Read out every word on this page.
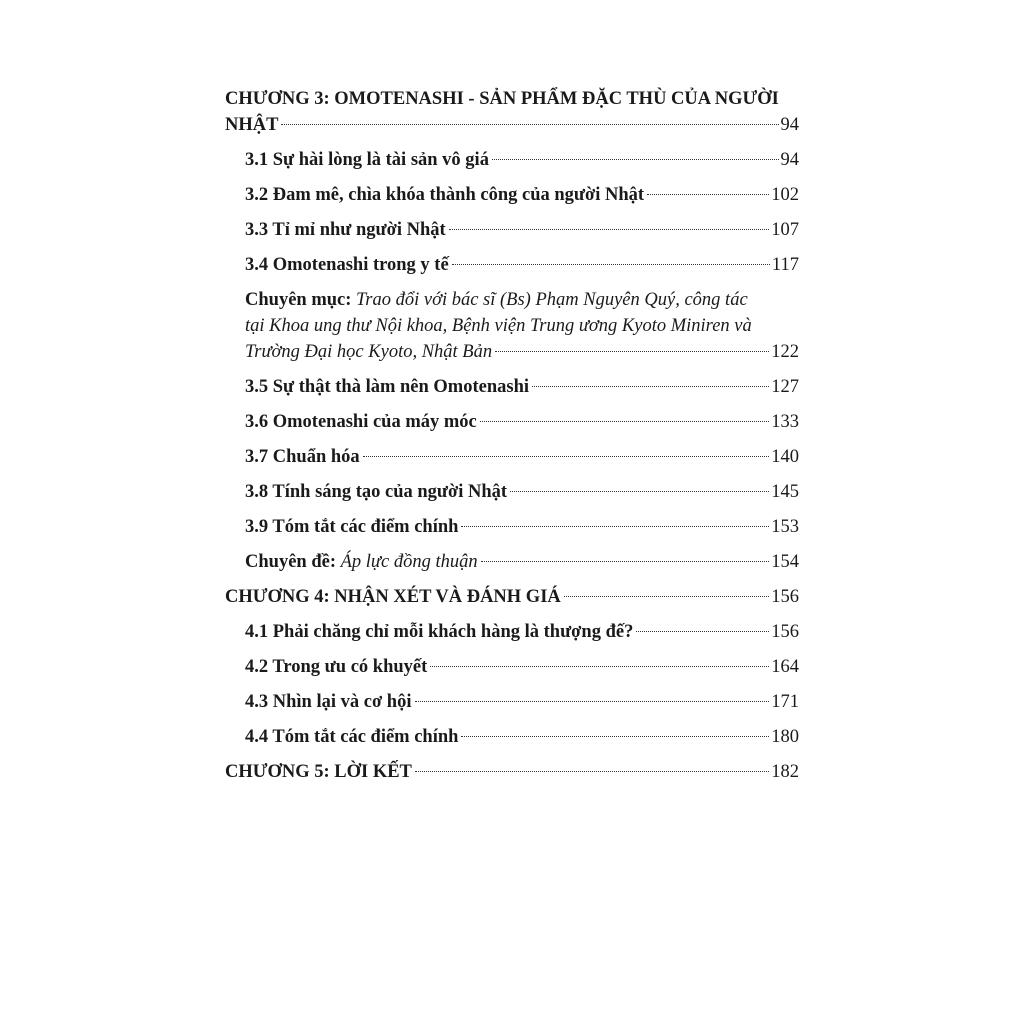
CHƯƠNG 3: OMOTENASHI - SẢN PHẨM ĐẶC THÙ CỦA NGƯỜI
NHẬT	94
3.1 Sự hài lòng là tài sản vô giá	94
3.2 Đam mê, chìa khóa thành công của người Nhật	102
3.3 Tỉ mỉ như người Nhật	107
3.4 Omotenashi trong y tế	117
Chuyên mục: Trao đổi với bác sĩ (Bs) Phạm Nguyên Quý, công tác
tại Khoa ung thư Nội khoa, Bệnh viện Trung ương Kyoto Miniren và
Trường Đại học Kyoto, Nhật Bản	122
3.5 Sự thật thà làm nên Omotenashi	127
3.6 Omotenashi của máy móc	133
3.7 Chuẩn hóa	140
3.8 Tính sáng tạo của người Nhật	145
3.9 Tóm tắt các điểm chính	153
Chuyên đề: Áp lực đồng thuận	154
CHƯƠNG 4: NHẬN XÉT VÀ ĐÁNH GIÁ	156
4.1 Phải chăng chỉ mỗi khách hàng là thượng đế?	156
4.2 Trong ưu có khuyết	164
4.3 Nhìn lại và cơ hội	171
4.4 Tóm tắt các điểm chính	180
CHƯƠNG 5: LỜI KẾT	182
